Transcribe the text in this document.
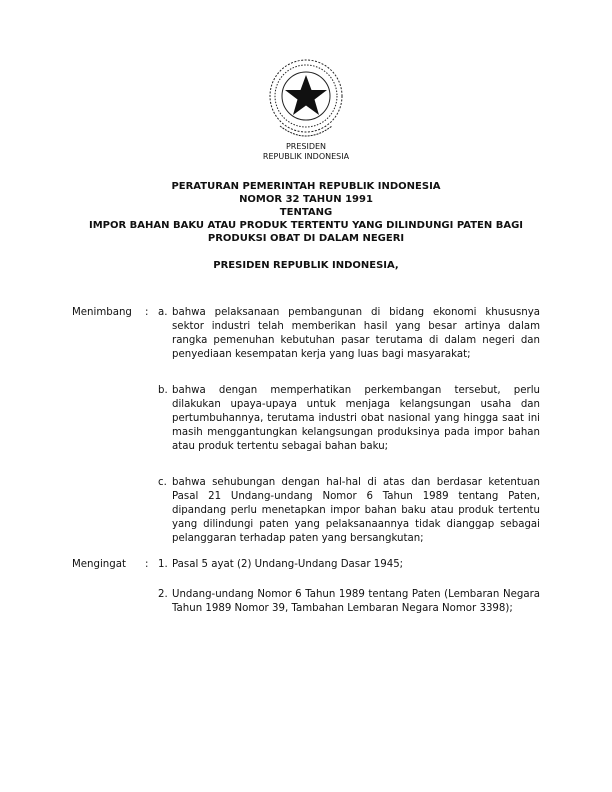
PRESIDEN
REPUBLIK INDONESIA
PERATURAN PEMERINTAH REPUBLIK INDONESIA
NOMOR 32 TAHUN 1991
TENTANG
IMPOR BAHAN BAKU ATAU PRODUK TERTENTU YANG DILINDUNGI PATEN BAGI
PRODUKSI OBAT DI DALAM NEGERI
PRESIDEN REPUBLIK INDONESIA,
Menimbang : a. bahwa pelaksanaan pembangunan di bidang ekonomi khususnya sektor industri telah memberikan hasil yang besar artinya dalam rangka pemenuhan kebutuhan pasar terutama di dalam negeri dan penyediaan kesempatan kerja yang luas bagi masyarakat;
b. bahwa dengan memperhatikan perkembangan tersebut, perlu dilakukan upaya-upaya untuk menjaga kelangsungan usaha dan pertumbuhannya, terutama industri obat nasional yang hingga saat ini masih menggantungkan kelangsungan produksinya pada impor bahan atau produk tertentu sebagai bahan baku;
c. bahwa sehubungan dengan hal-hal di atas dan berdasar ketentuan Pasal 21 Undang-undang Nomor 6 Tahun 1989 tentang Paten, dipandang perlu menetapkan impor bahan baku atau produk tertentu yang dilindungi paten yang pelaksanaannya tidak dianggap sebagai pelanggaran terhadap paten yang bersangkutan;
Mengingat : 1. Pasal 5 ayat (2) Undang-Undang Dasar 1945;
2. Undang-undang Nomor 6 Tahun 1989 tentang Paten (Lembaran Negara Tahun 1989 Nomor 39, Tambahan Lembaran Negara Nomor 3398);
